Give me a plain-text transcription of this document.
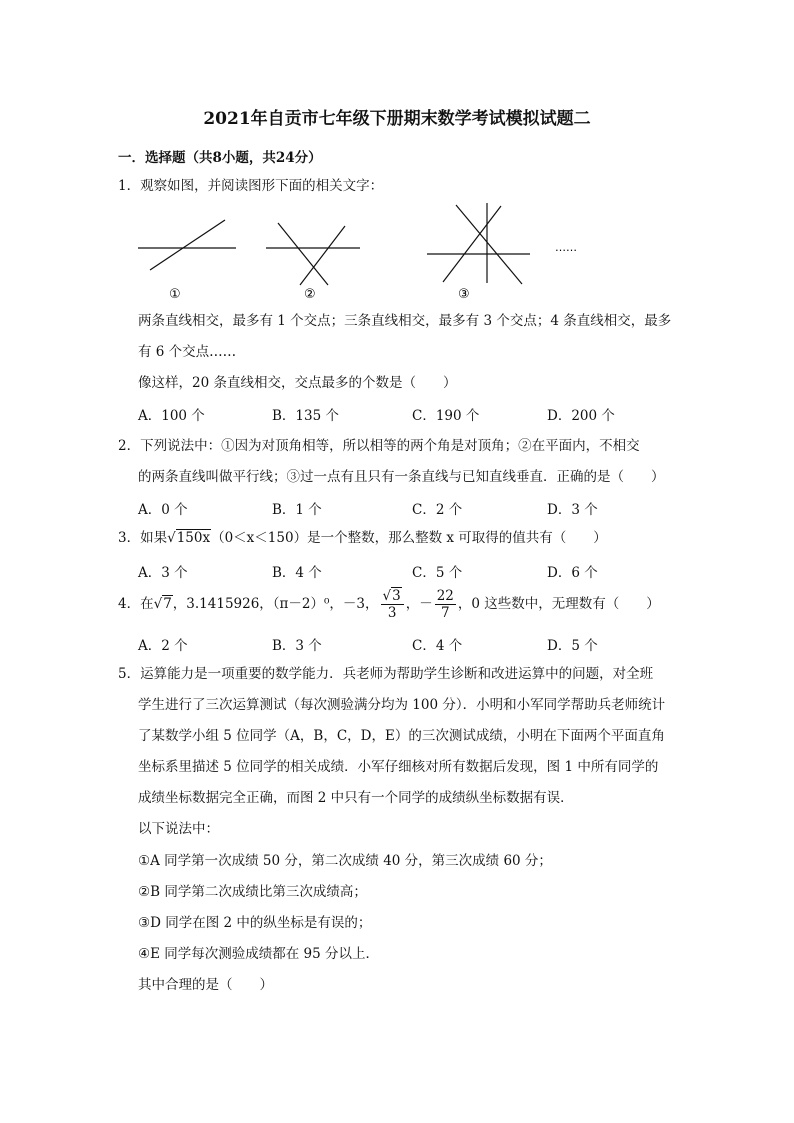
2021年自贡市七年级下册期末数学考试模拟试题二
一．选择题（共8小题，共24分）
1．观察如图，并阅读图形下面的相关文字：
①	②	③
……
两条直线相交，最多有 1 个交点；三条直线相交，最多有 3 个交点；4 条直线相交，最多
有 6 个交点……
像这样，20 条直线相交，交点最多的个数是（　　）
A．100 个	B．135 个	C．190 个	D．200 个
2．下列说法中：①因为对顶角相等，所以相等的两个角是对顶角；②在平面内，不相交
的两条直线叫做平行线；③过一点有且只有一条直线与已知直线垂直．正确的是（　　）
A．0 个	B．1 个	C．2 个	D．3 个
3．如果√150x（0＜x＜150）是一个整数，那么整数 x 可取得的值共有（　　）
A．3 个	B．4 个	C．5 个	D．6 个
4．在√7，3.1415926，（π－2）⁰，－3， $\frac{√3}{3}$ ，－ $\frac{22}{7}$ ，0 这些数中，无理数有（　　）
A．2 个	B．3 个	C．4 个	D．5 个
5．运算能力是一项重要的数学能力．兵老师为帮助学生诊断和改进运算中的问题，对全班
学生进行了三次运算测试（每次测验满分均为 100 分）．小明和小军同学帮助兵老师统计
了某数学小组 5 位同学（A，B，C，D，E）的三次测试成绩，小明在下面两个平面直角
坐标系里描述 5 位同学的相关成绩．小军仔细核对所有数据后发现，图 1 中所有同学的
成绩坐标数据完全正确，而图 2 中只有一个同学的成绩纵坐标数据有误．
以下说法中：
①A 同学第一次成绩 50 分，第二次成绩 40 分，第三次成绩 60 分；
②B 同学第二次成绩比第三次成绩高；
③D 同学在图 2 中的纵坐标是有误的；
④E 同学每次测验成绩都在 95 分以上．
其中合理的是（　　）
